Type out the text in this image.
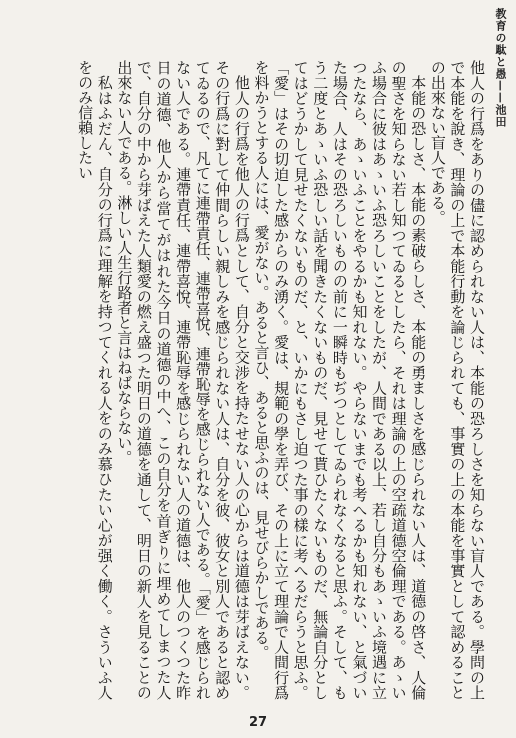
教育の駄と愚——池田

他人の行爲をありの儘に認められない人は、本能の恐ろしさを知らない盲人である。學問の上で本能を說き、理論の上で本能行動を論じられても、事實の上の本能を事實として認めることの出來ない盲人である。

本能の恐しさ、本能の素破らしさ、本能の勇ましさを感じられない人は、道德の啓さ、人倫の聖さを知らない若し知つてゐるとしたら、それは理論の上の空疏道德空倫理である。あゝいふ場合に彼はあゝいふ恐ろしいことをしたが、人間である以上、若し自分もあゝいふ境遇に立つたなら、あゝいふことをやるかも知れない。やらないまでも考へるかも知れない、と氣づいた場合、人はその恐ろしいものの前に一瞬時もぢつとしてゐられなくなると思ふ。そして、もう二度とあゝいふ恐しい話を聞きたくないものだ、見せて貰ひたくないものだ、無論自分としてはどうかして見せたくないものだ、と、いかにもさし迫つた事の樣に考へるだらうと思ふ。「愛」はその切迫した感からのみ湧く。愛は、規範の學を弄び、その上に立て理論で人間行爲を料かうとする人には、愛がない。あると言ひ、あると思ふのは、見せびらかしである。

他人の行爲を他人の行爲として、自分と交涉を持たせない人の心からは道德は芽ばえない。その行爲に對して仲間らしい親しみを感じられない人は、自分を彼、彼女と別人であると認めてゐるので、凡てに連帶責任、連帶喜悅、連帶恥辱を感じられない人である。「愛」を感じられない人である。連帶責任、連帶喜悅、連帶恥辱を感じられない人の道德は、他人のつくつた昨日の道德、他人から當てがはれた今日の道德の中へ、この自分を首ぎりに埋めてしまつた人で、自分の中から芽ばえた人類愛の燃え盛つた明日の道德を通して、明日の新人を見ることの出來ない人である。淋しい人生行路者と言はねばならない。

私はふだん、自分の行爲に理解を持つてくれる人をのみ慕ひたい心が强く働く。さういふ人をのみ信賴したい

27
